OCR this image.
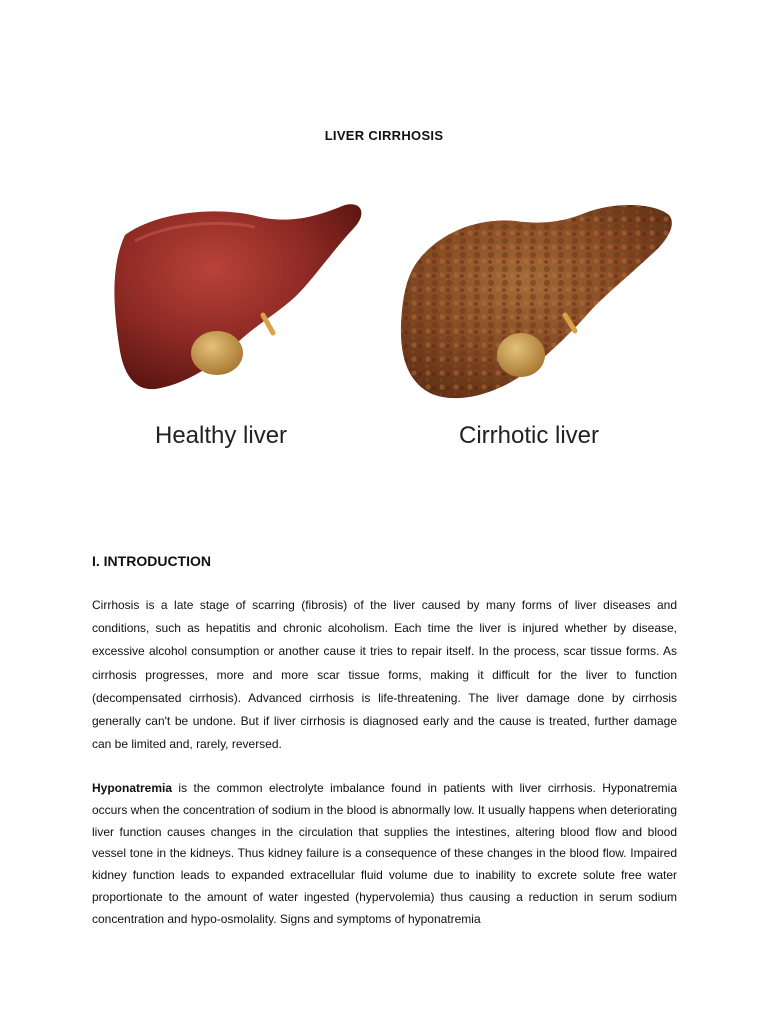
LIVER CIRRHOSIS
Healthy liver	Cirrhotic liver
I. INTRODUCTION
Cirrhosis is a late stage of scarring (fibrosis) of the liver caused by many forms of liver diseases and conditions, such as hepatitis and chronic alcoholism. Each time the liver is injured whether by disease, excessive alcohol consumption or another cause it tries to repair itself. In the process, scar tissue forms. As cirrhosis progresses, more and more scar tissue forms, making it difficult for the liver to function (decompensated cirrhosis). Advanced cirrhosis is life-threatening. The liver damage done by cirrhosis generally can't be undone. But if liver cirrhosis is diagnosed early and the cause is treated, further damage can be limited and, rarely, reversed.
Hyponatremia is the common electrolyte imbalance found in patients with liver cirrhosis. Hyponatremia occurs when the concentration of sodium in the blood is abnormally low. It usually happens when deteriorating liver function causes changes in the circulation that supplies the intestines, altering blood flow and blood vessel tone in the kidneys. Thus kidney failure is a consequence of these changes in the blood flow. Impaired kidney function leads to expanded extracellular fluid volume due to inability to excrete solute free water proportionate to the amount of water ingested (hypervolemia) thus causing a reduction in serum sodium concentration and hypo-osmolality. Signs and symptoms of hyponatremia
